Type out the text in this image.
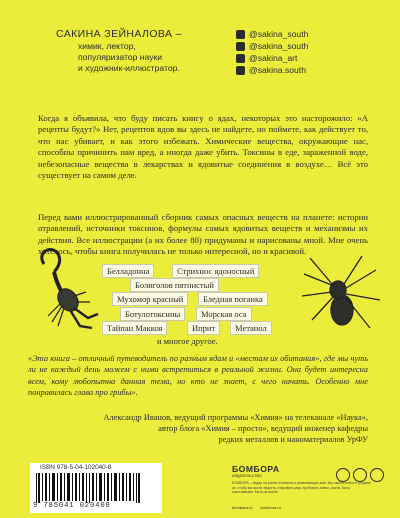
САКИНА ЗЕЙНАЛОВА –
химик, лектор,
популяризатор науки
и художник-иллюстратор.
@sakina_south
@sakina_south
@sakina_art
@sakina.south
Когда я объявила, что буду писать книгу о ядах, некоторых это насторожило: «А рецепты будут?» Нет, рецептов ядов вы здесь не найдете, но поймете, как действует то, что нас убивает, и как этого избежать. Химические вещества, окружающие нас, способны причинить нам вред, а иногда даже убить. Токсины в еде, зараженной воде, небезопасные вещества в лекарствах и ядовитые соединения в воздухе… Всё это существует на самом деле.
Перед вами иллюстрированный сборник самых опасных веществ на планете: истории отравлений, источники токсинов, формулы самых ядовитых веществ и механизмы их действия. Все иллюстрации (а их более 80) придуманы и нарисованы мной. Мне очень хотелось, чтобы книга получилась не только интересной, но и красивой.
Белладонна	Стрихнос ядоносный
Болиголов пятнистый
Мухомор красный	Бледная поганка
Ботулотоксины	Морская оса
Тайпан Маккоя	Иприт	Метанол
и многое другое.
«Эта книга – отличный путеводитель по разным ядам и «местам их обитания», где мы чуть ли не каждый день можем с ними встретиться в реальной жизни. Она будет интересна всем, кому любопытна данная тема, но кто не знает, с чего начать. Особенно мне понравилась глава про грибы».
Александр Иванов, ведущий программы «Химия» на телеканале «Наука»,
автор блога «Химия – просто», ведущий инженер кафедры
редких металлов и наноматериалов УрФУ
ISBN 978-5-04-102040-8
9 785041 020408
БОМБОРА
ИЗДАТЕЛЬСТВО
БОМБОРА – лидер на рынке полезных и развивающих книг. Мы любим книги и создаем их, чтобы вы могли творить, открывать мир, пробовать новое, расти. Быть счастливыми. Быть на волне.
bombora.ru bombora.ru
